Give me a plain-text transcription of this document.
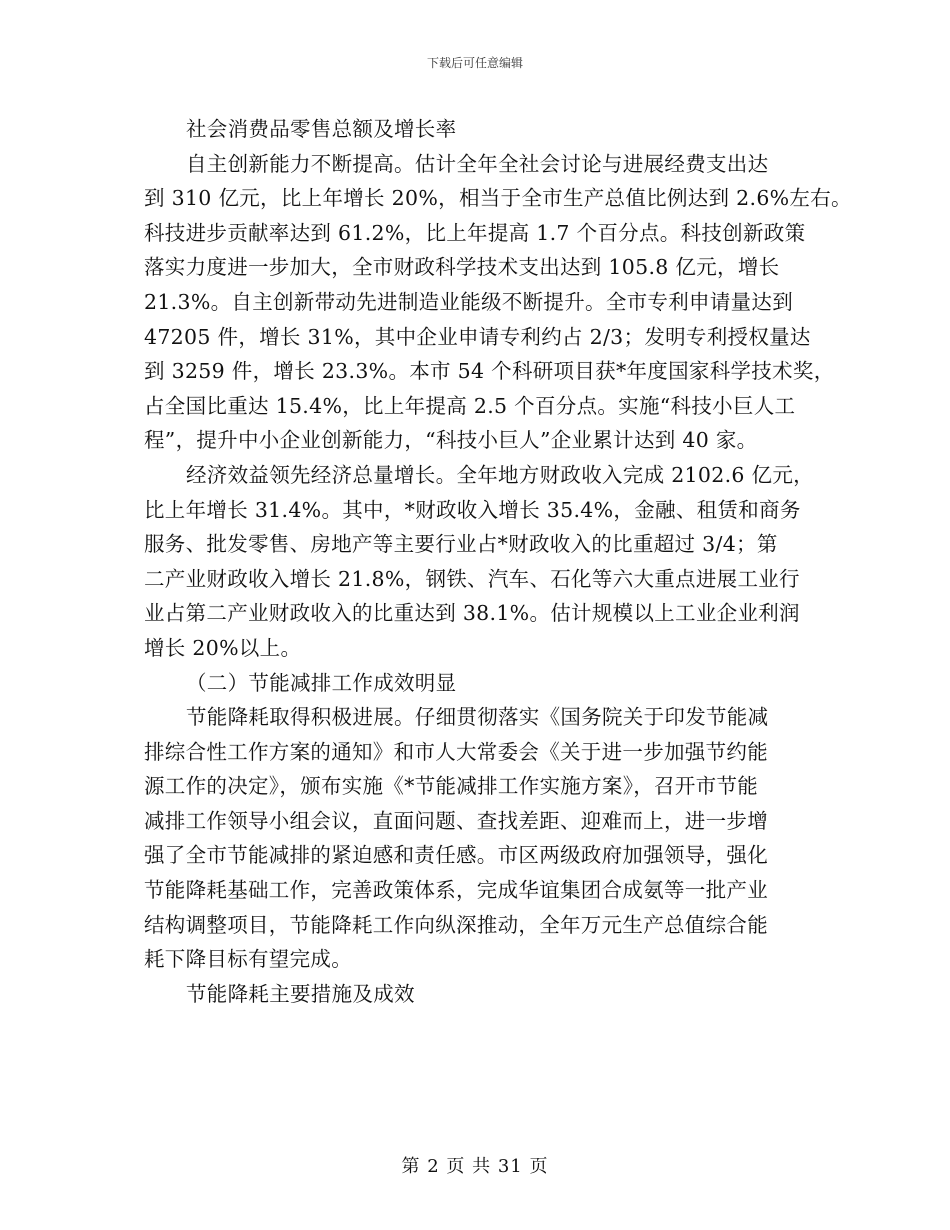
下载后可任意编辑
社会消费品零售总额及增长率
自主创新能力不断提高。估计全年全社会讨论与进展经费支出达
到 310 亿元，比上年增长 20%，相当于全市生产总值比例达到 2.6%左右。
科技进步贡献率达到 61.2%，比上年提高 1.7 个百分点。科技创新政策
落实力度进一步加大，全市财政科学技术支出达到 105.8 亿元，增长
21.3%。自主创新带动先进制造业能级不断提升。全市专利申请量达到
47205 件，增长 31%，其中企业申请专利约占 2/3；发明专利授权量达
到 3259 件，增长 23.3%。本市 54 个科研项目获*年度国家科学技术奖，
占全国比重达 15.4%，比上年提高 2.5 个百分点。实施“科技小巨人工
程”，提升中小企业创新能力，“科技小巨人”企业累计达到 40 家。
经济效益领先经济总量增长。全年地方财政收入完成 2102.6 亿元，
比上年增长 31.4%。其中，*财政收入增长 35.4%，金融、租赁和商务
服务、批发零售、房地产等主要行业占*财政收入的比重超过 3/4；第
二产业财政收入增长 21.8%，钢铁、汽车、石化等六大重点进展工业行
业占第二产业财政收入的比重达到 38.1%。估计规模以上工业企业利润
增长 20%以上。
（二）节能减排工作成效明显
节能降耗取得积极进展。仔细贯彻落实《国务院关于印发节能减
排综合性工作方案的通知》和市人大常委会《关于进一步加强节约能
源工作的决定》，颁布实施《*节能减排工作实施方案》，召开市节能
减排工作领导小组会议，直面问题、查找差距、迎难而上，进一步增
强了全市节能减排的紧迫感和责任感。市区两级政府加强领导，强化
节能降耗基础工作，完善政策体系，完成华谊集团合成氨等一批产业
结构调整项目，节能降耗工作向纵深推动，全年万元生产总值综合能
耗下降目标有望完成。
节能降耗主要措施及成效
第 2 页 共 31 页
